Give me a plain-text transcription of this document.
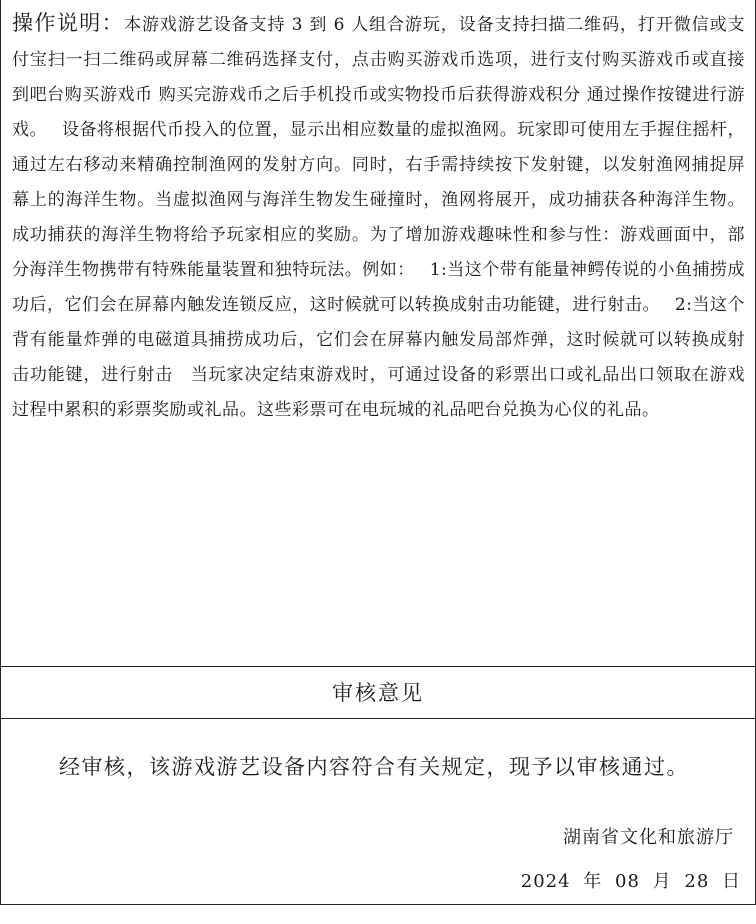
操作说明：本游戏游艺设备支持 3 到 6 人组合游玩，设备支持扫描二维码，打开微信或支付宝扫一扫二维码或屏幕二维码选择支付，点击购买游戏币选项，进行支付购买游戏币或直接到吧台购买游戏币 购买完游戏币之后手机投币或实物投币后获得游戏积分 通过操作按键进行游戏。　 设备将根据代币投入的位置，显示出相应数量的虚拟渔网。玩家即可使用左手握住摇杆，通过左右移动来精确控制渔网的发射方向。同时，右手需持续按下发射键，以发射渔网捕捉屏幕上的海洋生物。当虚拟渔网与海洋生物发生碰撞时，渔网将展开，成功捕获各种海洋生物。成功捕获的海洋生物将给予玩家相应的奖励。为了增加游戏趣味性和参与性：游戏画面中，部分海洋生物携带有特殊能量装置和独特玩法。例如：　 1:当这个带有能量神鳄传说的小鱼捕捞成功后，它们会在屏幕内触发连锁反应，这时候就可以转换成射击功能键，进行射击。　 2:当这个背有能量炸弹的电磁道具捕捞成功后，它们会在屏幕内触发局部炸弹，这时候就可以转换成射击功能键，进行射击　当玩家决定结束游戏时，可通过设备的彩票出口或礼品出口领取在游戏过程中累积的彩票奖励或礼品。这些彩票可在电玩城的礼品吧台兑换为心仪的礼品。
审核意见
经审核，该游戏游艺设备内容符合有关规定，现予以审核通过。
湖南省文化和旅游厅
2024 年 08 月 28 日
